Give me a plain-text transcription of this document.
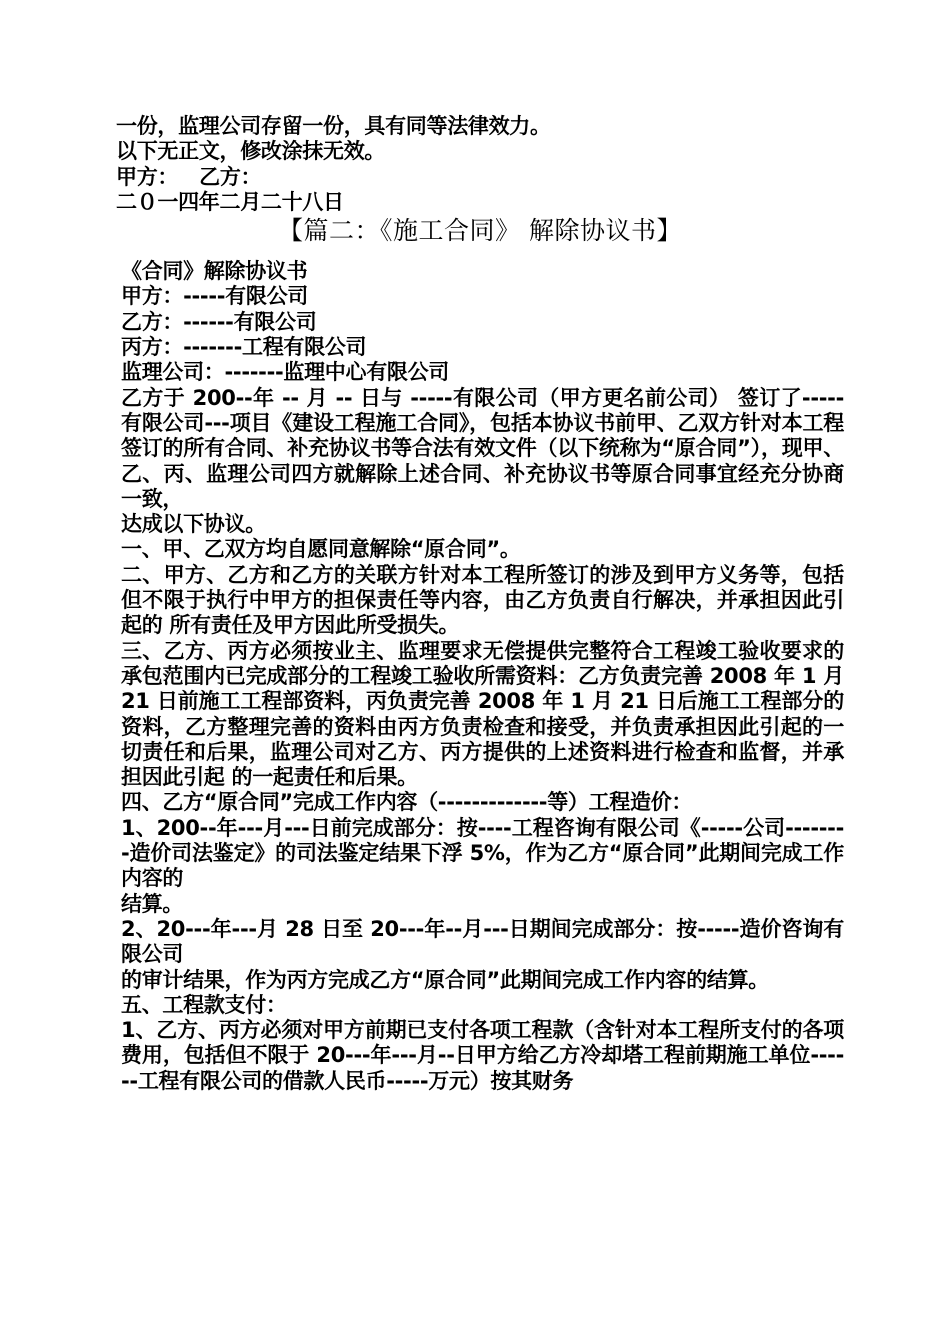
一份，监理公司存留一份，具有同等法律效力。
以下无正文，修改涂抹无效。
甲方：   乙方：
二０一四年二月二十八日
【篇二：《施工合同》 解除协议书】
《合同》解除协议书
甲方：-----有限公司
乙方：------有限公司
丙方：-------工程有限公司
监理公司：-------监理中心有限公司
乙方于 200--年 -- 月 -- 日与 -----有限公司（甲方更名前公司） 签订了-----有限公司---项目《建设工程施工合同》，包括本协议书前甲、乙双方针对本工程签订的所有合同、补充协议书等合法有效文件（以下统称为“原合同”），现甲、乙、丙、监理公司四方就解除上述合同、补充协议书等原合同事宜经充分协商一致，
达成以下协议。
一、甲、乙双方均自愿同意解除“原合同”。
二、甲方、乙方和乙方的关联方针对本工程所签订的涉及到甲方义务等，包括但不限于执行中甲方的担保责任等内容，由乙方负责自行解决，并承担因此引起的 所有责任及甲方因此所受损失。
三、乙方、丙方必须按业主、监理要求无偿提供完整符合工程竣工验收要求的承包范围内已完成部分的工程竣工验收所需资料：乙方负责完善 2008 年 1 月 21 日前施工工程部资料，丙负责完善 2008 年 1 月 21 日后施工工程部分的资料，乙方整理完善的资料由丙方负责检查和接受，并负责承担因此引起的一切责任和后果，监理公司对乙方、丙方提供的上述资料进行检查和监督，并承担因此引起 的一起责任和后果。
四、乙方“原合同”完成工作内容（-------------等）工程造价：
1、200--年---月---日前完成部分：按----工程咨询有限公司《-----公司--------造价司法鉴定》的司法鉴定结果下浮 5%，作为乙方“原合同”此期间完成工作内容的
结算。
2、20---年---月 28 日至 20---年--月---日期间完成部分：按-----造价咨询有限公司
的审计结果，作为丙方完成乙方“原合同”此期间完成工作内容的结算。
五、工程款支付：
1、乙方、丙方必须对甲方前期已支付各项工程款（含针对本工程所支付的各项费用，包括但不限于 20---年---月--日甲方给乙方冷却塔工程前期施工单位------工程有限公司的借款人民币-----万元）按其财务
